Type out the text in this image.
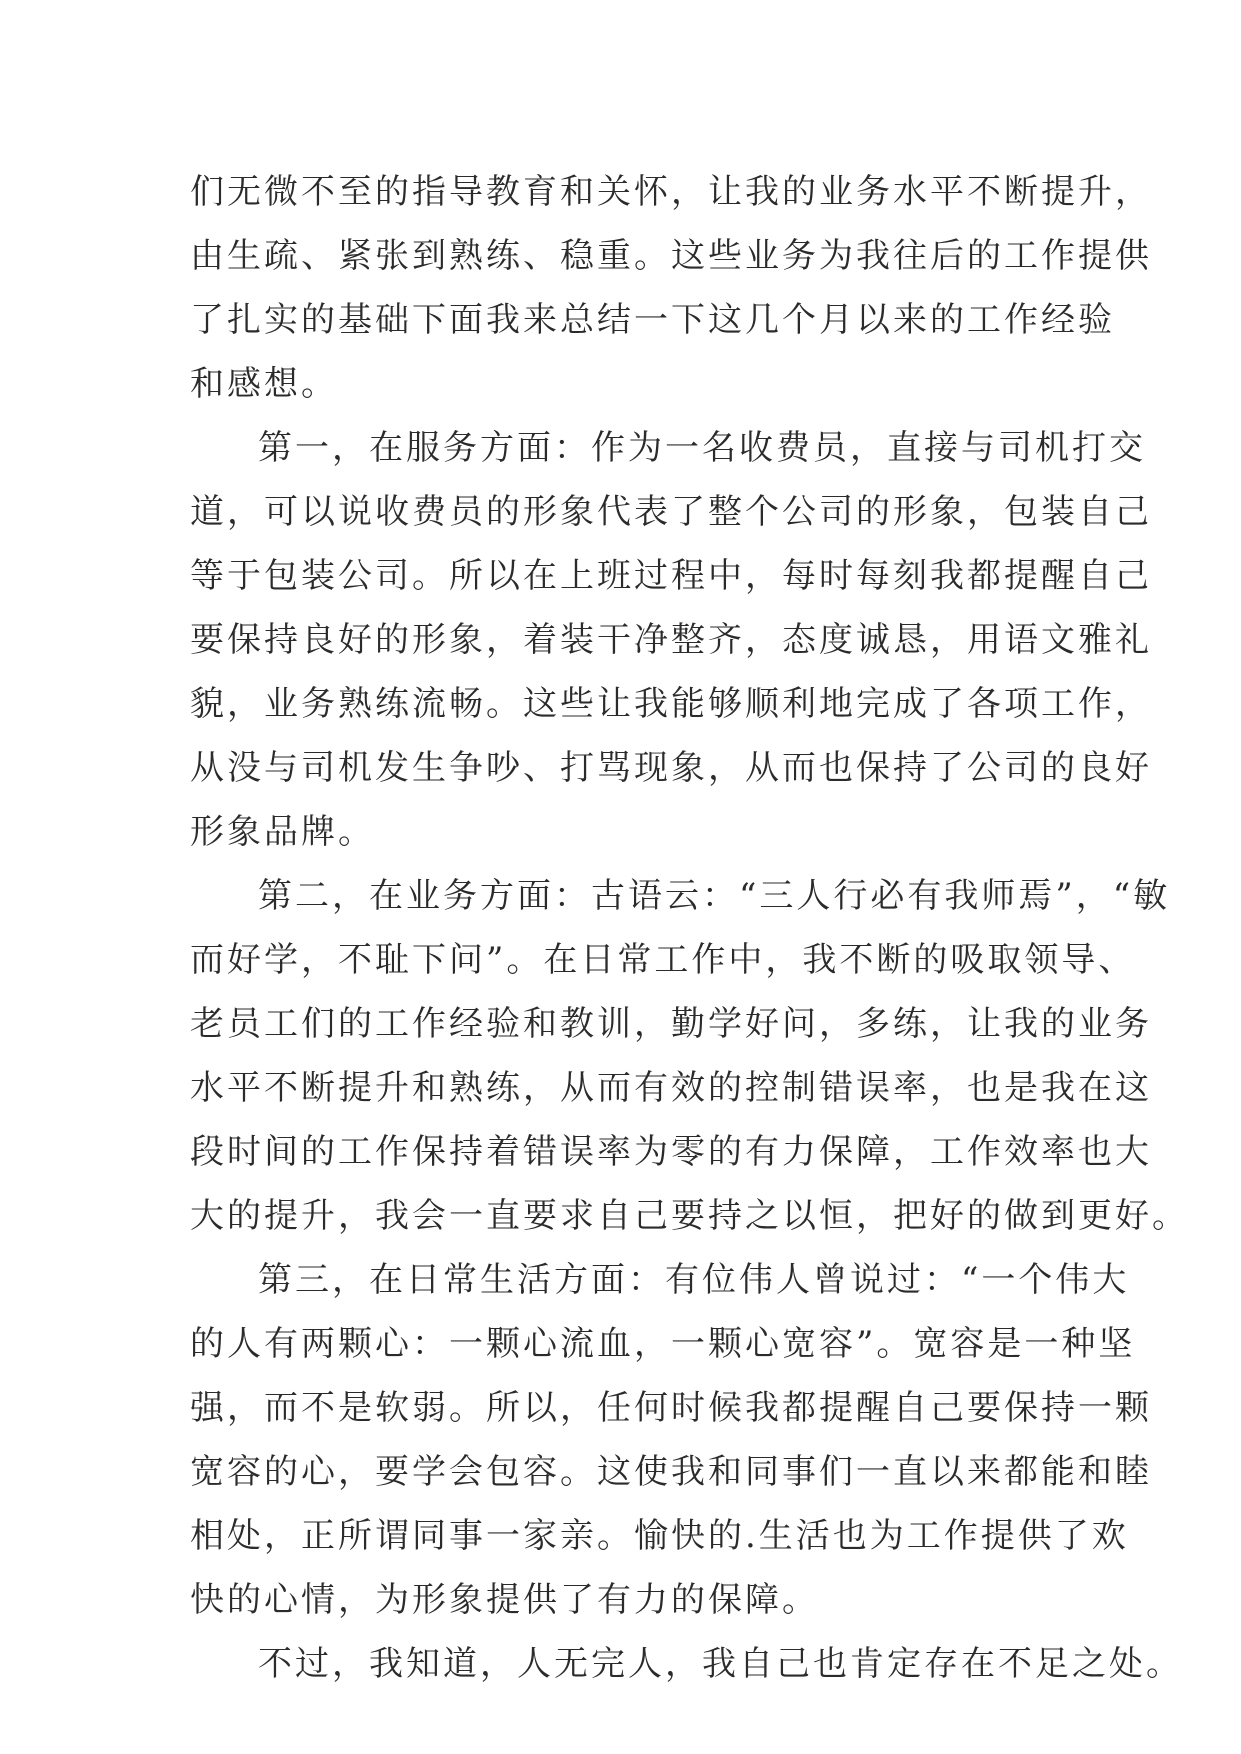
们无微不至的指导教育和关怀，让我的业务水平不断提升，
由生疏、紧张到熟练、稳重。这些业务为我往后的工作提供
了扎实的基础下面我来总结一下这几个月以来的工作经验
和感想。
第一，在服务方面：作为一名收费员，直接与司机打交
道，可以说收费员的形象代表了整个公司的形象，包装自己
等于包装公司。所以在上班过程中，每时每刻我都提醒自己
要保持良好的形象，着装干净整齐，态度诚恳，用语文雅礼
貌，业务熟练流畅。这些让我能够顺利地完成了各项工作，
从没与司机发生争吵、打骂现象，从而也保持了公司的良好
形象品牌。
第二，在业务方面：古语云：“三人行必有我师焉”，“敏
而好学，不耻下问”。在日常工作中，我不断的吸取领导、
老员工们的工作经验和教训，勤学好问，多练，让我的业务
水平不断提升和熟练，从而有效的控制错误率，也是我在这
段时间的工作保持着错误率为零的有力保障，工作效率也大
大的提升，我会一直要求自己要持之以恒，把好的做到更好。
第三，在日常生活方面：有位伟人曾说过：“一个伟大
的人有两颗心：一颗心流血，一颗心宽容”。宽容是一种坚
强，而不是软弱。所以，任何时候我都提醒自己要保持一颗
宽容的心，要学会包容。这使我和同事们一直以来都能和睦
相处，正所谓同事一家亲。愉快的.生活也为工作提供了欢
快的心情，为形象提供了有力的保障。
不过，我知道，人无完人，我自己也肯定存在不足之处。
